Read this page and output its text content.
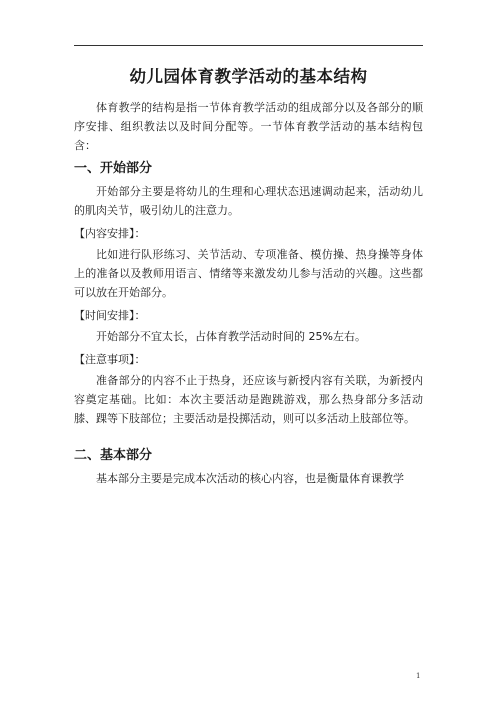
幼儿园体育教学活动的基本结构

体育教学的结构是指一节体育教学活动的组成部分以及各部分的顺序安排、组织教法以及时间分配等。一节体育教学活动的基本结构包含：

一、开始部分

开始部分主要是将幼儿的生理和心理状态迅速调动起来，活动幼儿的肌肉关节，吸引幼儿的注意力。

【内容安排】：

比如进行队形练习、关节活动、专项准备、模仿操、热身操等身体上的准备以及教师用语言、情绪等来激发幼儿参与活动的兴趣。这些都可以放在开始部分。

【时间安排】：

开始部分不宜太长，占体育教学活动时间的 25%左右。

【注意事项】：

准备部分的内容不止于热身，还应该与新授内容有关联，为新授内容奠定基础。比如：本次主要活动是跑跳游戏，那么热身部分多活动膝、踝等下肢部位；主要活动是投掷活动，则可以多活动上肢部位等。

二、基本部分

基本部分主要是完成本次活动的核心内容，也是衡量体育课教学

1
